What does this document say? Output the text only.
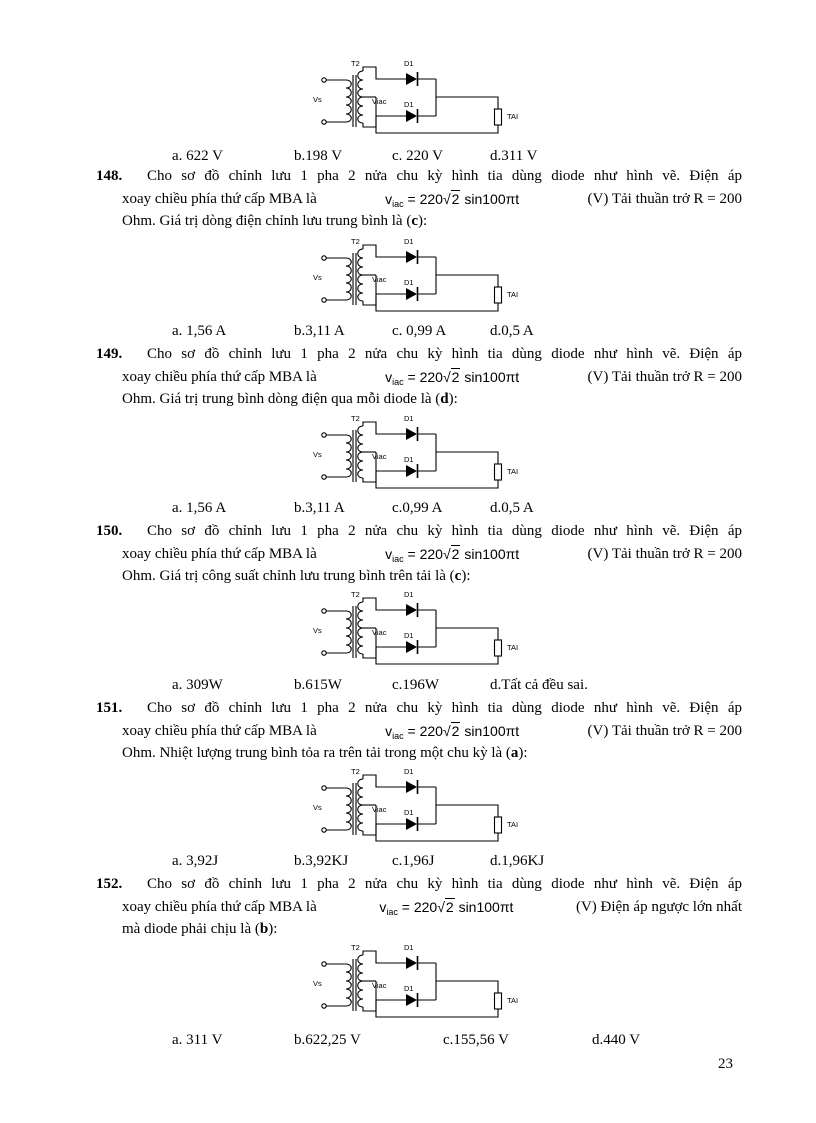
T2	D1
Vs	Viac D1
TAI
a. 622 V	b.198 V	c. 220 V	d.311 V
148. Cho sơ đồ chỉnh lưu 1 pha 2 nửa chu kỳ hình tia dùng diode như hình vẽ. Điện áp
xoay chiều phía thứ cấp MBA là	$v_{iac} = 220√2$ sin100πt	(V) Tải thuần trở R = 200
Ohm. Giá trị dòng điện chỉnh lưu trung bình là (c):
T2	D1
Vs	Viac D1
TAI
a. 1,56 A	b.3,11 A	c. 0,99 A	d.0,5 A
149. Cho sơ đồ chỉnh lưu 1 pha 2 nửa chu kỳ hình tia dùng diode như hình vẽ. Điện áp
xoay chiều phía thứ cấp MBA là	$v_{iac} = 220√2$ sin100πt	(V) Tải thuần trở R = 200
Ohm. Giá trị trung bình dòng điện qua mỗi diode là (d):
T2	D1
Vs	Viac D1
TAI
a. 1,56 A	b.3,11 A	c.0,99 A	d.0,5 A
150. Cho sơ đồ chỉnh lưu 1 pha 2 nửa chu kỳ hình tia dùng diode như hình vẽ. Điện áp
xoay chiều phía thứ cấp MBA là	$v_{iac} = 220√2$ sin100πt	(V) Tải thuần trở R = 200
Ohm. Giá trị công suất chỉnh lưu trung bình trên tải là (c):
T2	D1
Vs	Viac D1
TAI
a. 309W	b.615W	c.196W	d.Tất cả đều sai.
151. Cho sơ đồ chỉnh lưu 1 pha 2 nửa chu kỳ hình tia dùng diode như hình vẽ. Điện áp
xoay chiều phía thứ cấp MBA là	$v_{iac} = 220√2$ sin100πt	(V) Tải thuần trở R = 200
Ohm. Nhiệt lượng trung bình tỏa ra trên tải trong một chu kỳ là (a):
T2	D1
Vs	Viac D1
TAI
a. 3,92J	b.3,92KJ	c.1,96J	d.1,96KJ
152. Cho sơ đồ chỉnh lưu 1 pha 2 nửa chu kỳ hình tia dùng diode như hình vẽ. Điện áp
xoay chiều phía thứ cấp MBA là	$v_{iac} = 220√2$ sin100πt	(V) Điện áp ngược lớn nhất
mà diode phải chịu là (b):
T2	D1
Vs	Viac D1
TAI
a. 311 V	b.622,25 V	c.155,56 V	d.440 V
23
